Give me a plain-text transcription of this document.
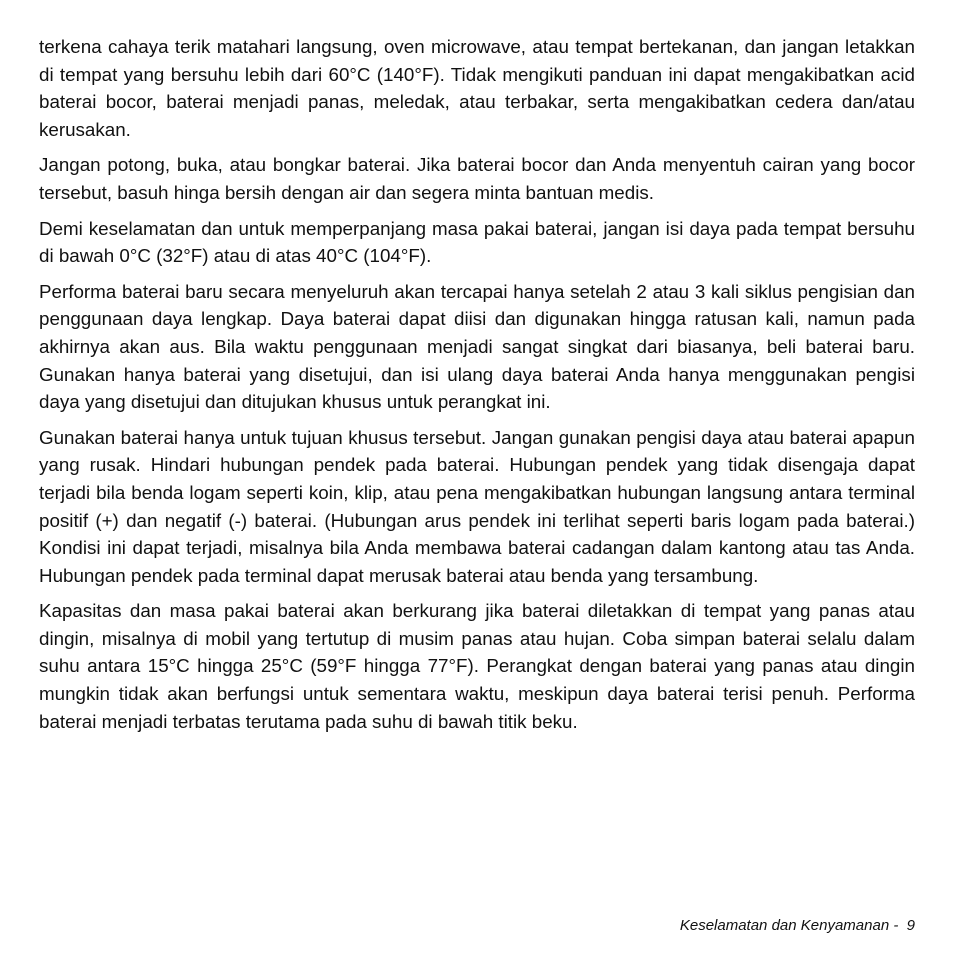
terkena cahaya terik matahari langsung, oven microwave, atau tempat bertekanan, dan jangan letakkan di tempat yang bersuhu lebih dari 60°C (140°F). Tidak mengikuti panduan ini dapat mengakibatkan acid baterai bocor, baterai menjadi panas, meledak, atau terbakar, serta mengakibatkan cedera dan/atau kerusakan.

Jangan potong, buka, atau bongkar baterai. Jika baterai bocor dan Anda menyentuh cairan yang bocor tersebut, basuh hinga bersih dengan air dan segera minta bantuan medis.

Demi keselamatan dan untuk memperpanjang masa pakai baterai, jangan isi daya pada tempat bersuhu di bawah 0°C (32°F) atau di atas 40°C (104°F).

Performa baterai baru secara menyeluruh akan tercapai hanya setelah 2 atau 3 kali siklus pengisian dan penggunaan daya lengkap. Daya baterai dapat diisi dan digunakan hingga ratusan kali, namun pada akhirnya akan aus. Bila waktu penggunaan menjadi sangat singkat dari biasanya, beli baterai baru. Gunakan hanya baterai yang disetujui, dan isi ulang daya baterai Anda hanya menggunakan pengisi daya yang disetujui dan ditujukan khusus untuk perangkat ini.

Gunakan baterai hanya untuk tujuan khusus tersebut. Jangan gunakan pengisi daya atau baterai apapun yang rusak. Hindari hubungan pendek pada baterai. Hubungan pendek yang tidak disengaja dapat terjadi bila benda logam seperti koin, klip, atau pena mengakibatkan hubungan langsung antara terminal positif (+) dan negatif (-) baterai. (Hubungan arus pendek ini terlihat seperti baris logam pada baterai.) Kondisi ini dapat terjadi, misalnya bila Anda membawa baterai cadangan dalam kantong atau tas Anda. Hubungan pendek pada terminal dapat merusak baterai atau benda yang tersambung.

Kapasitas dan masa pakai baterai akan berkurang jika baterai diletakkan di tempat yang panas atau dingin, misalnya di mobil yang tertutup di musim panas atau hujan. Coba simpan baterai selalu dalam suhu antara 15°C hingga 25°C (59°F hingga 77°F). Perangkat dengan baterai yang panas atau dingin mungkin tidak akan berfungsi untuk sementara waktu, meskipun daya baterai terisi penuh. Performa baterai menjadi terbatas terutama pada suhu di bawah titik beku.

Keselamatan dan Kenyamanan -  9
